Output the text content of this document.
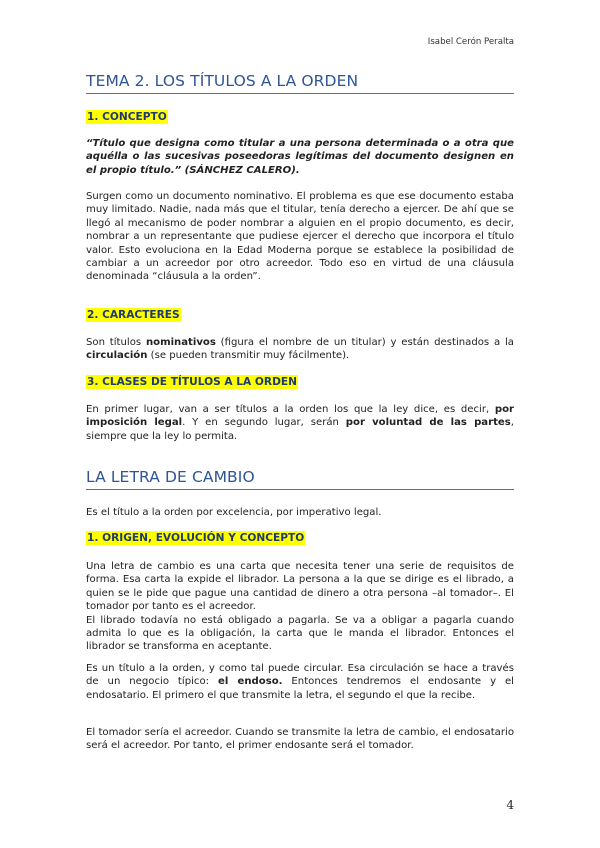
Isabel Cerón Peralta
TEMA 2. LOS TÍTULOS A LA ORDEN
1. CONCEPTO
“Título que designa como titular a una persona determinada o a otra que aquélla o las sucesivas poseedoras legítimas del documento designen en el propio título.” (SÁNCHEZ CALERO).
Surgen como un documento nominativo. El problema es que ese documento estaba muy limitado. Nadie, nada más que el titular, tenía derecho a ejercer. De ahí que se llegó al mecanismo de poder nombrar a alguien en el propio documento, es decir, nombrar a un representante que pudiese ejercer el derecho que incorpora el título valor. Esto evoluciona en la Edad Moderna porque se establece la posibilidad de cambiar a un acreedor por otro acreedor. Todo eso en virtud de una cláusula denominada “cláusula a la orden”.
2. CARACTERES
Son títulos nominativos (figura el nombre de un titular) y están destinados a la circulación (se pueden transmitir muy fácilmente).
3. CLASES DE TÍTULOS A LA ORDEN
En primer lugar, van a ser títulos a la orden los que la ley dice, es decir, por imposición legal. Y en segundo lugar, serán por voluntad de las partes, siempre que la ley lo permita.
LA LETRA DE CAMBIO
Es el título a la orden por excelencia, por imperativo legal.
1. ORIGEN, EVOLUCIÓN Y CONCEPTO
Una letra de cambio es una carta que necesita tener una serie de requisitos de forma. Esa carta la expide el librador. La persona a la que se dirige es el librado, a quien se le pide que pague una cantidad de dinero a otra persona –al tomador–. El tomador por tanto es el acreedor.
El librado todavía no está obligado a pagarla. Se va a obligar a pagarla cuando admita lo que es la obligación, la carta que le manda el librador. Entonces el librador se transforma en aceptante.
Es un título a la orden, y como tal puede circular. Esa circulación se hace a través de un negocio típico: el endoso. Entonces tendremos el endosante y el endosatario. El primero el que transmite la letra, el segundo el que la recibe.
El tomador sería el acreedor. Cuando se transmite la letra de cambio, el endosatario será el acreedor. Por tanto, el primer endosante será el tomador.
4
